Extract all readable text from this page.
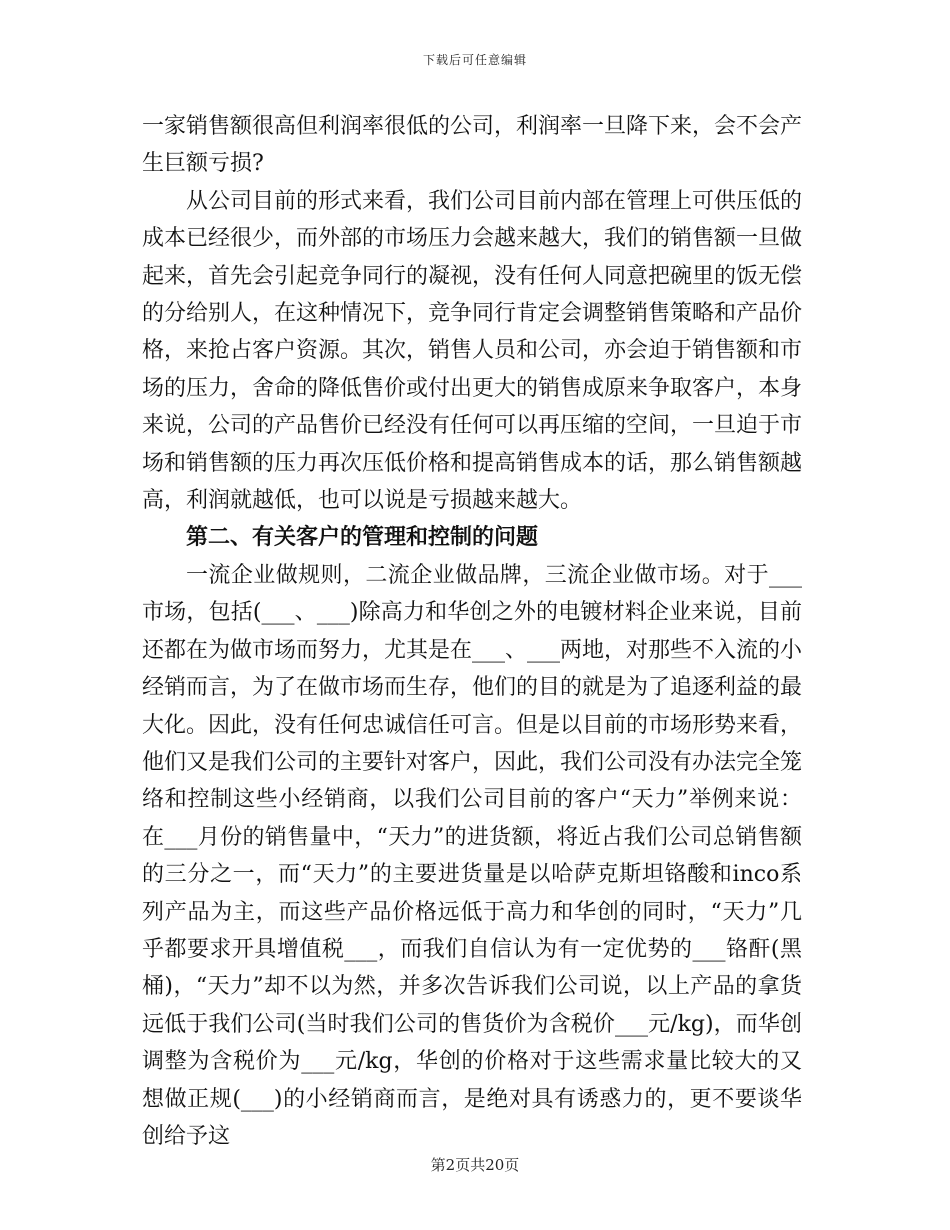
下载后可任意编辑

一家销售额很高但利润率很低的公司，利润率一旦降下来，会不会产生巨额亏损?

从公司目前的形式来看，我们公司目前内部在管理上可供压低的成本已经很少，而外部的市场压力会越来越大，我们的销售额一旦做起来，首先会引起竞争同行的凝视，没有任何人同意把碗里的饭无偿的分给别人，在这种情况下，竞争同行肯定会调整销售策略和产品价格，来抢占客户资源。其次，销售人员和公司，亦会迫于销售额和市场的压力，舍命的降低售价或付出更大的销售成原来争取客户，本身来说，公司的产品售价已经没有任何可以再压缩的空间，一旦迫于市场和销售额的压力再次压低价格和提高销售成本的话，那么销售额越高，利润就越低，也可以说是亏损越来越大。

第二、有关客户的管理和控制的问题

一流企业做规则，二流企业做品牌，三流企业做市场。对于___市场，包括(___、___)除高力和华创之外的电镀材料企业来说，目前还都在为做市场而努力，尤其是在___、___两地，对那些不入流的小经销而言，为了在做市场而生存，他们的目的就是为了追逐利益的最大化。因此，没有任何忠诚信任可言。但是以目前的市场形势来看，他们又是我们公司的主要针对客户，因此，我们公司没有办法完全笼络和控制这些小经销商，以我们公司目前的客户“天力”举例来说：在___月份的销售量中，“天力”的进货额，将近占我们公司总销售额的三分之一，而“天力”的主要进货量是以哈萨克斯坦铬酸和inco系列产品为主，而这些产品价格远低于高力和华创的同时，“天力”几乎都要求开具增值税___，而我们自信认为有一定优势的___铬酐(黑桶)，“天力”却不以为然，并多次告诉我们公司说，以上产品的拿货远低于我们公司(当时我们公司的售货价为含税价___元/kg)，而华创调整为含税价为___元/kg，华创的价格对于这些需求量比较大的又想做正规(___)的小经销商而言，是绝对具有诱惑力的，更不要谈华创给予这

第2页共20页
